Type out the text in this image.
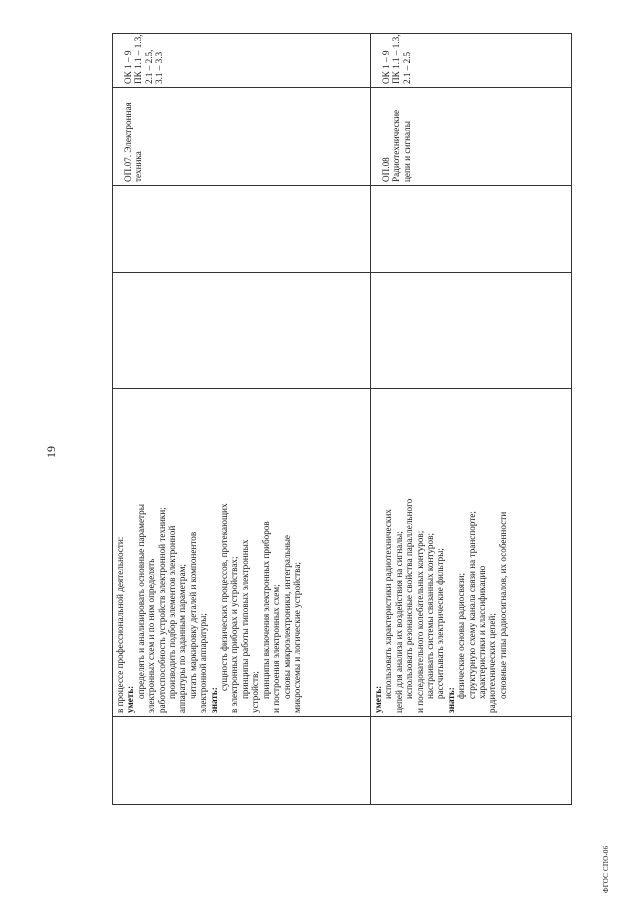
19
ФГОС СПО-06
в процессе профессиональной деятельности: уметь:
определять и анализировать основные параметры электронных схем и по ним определять работоспособность устройств электронной техники; производить подбор элементов электронной аппаратуры по заданным параметрам; читать маркировку деталей и компонентов электронной аппаратуры; знать:
сущность физических процессов, протекающих в электронных приборах и устройствах; принципы работы типовых электронных устройств; принципы включения электронных приборов и построения электронных схем; основы микроэлектроники, интегральные микросхемы и логические устройства;
ОП.07. Электронная техника
ОК 1 – 9 ПК 1.1 – 1.3, 2.1 – 2.5, 3.1 – 3.3
уметь:
использовать характеристики радиотехнических цепей для анализа их воздействия на сигналы; использовать резонансные свойства параллельного и последовательного колебательных контуров; настраивать системы связанных контуров; рассчитывать электрические фильтры;
знать:
физические основы радиосвязи; структурную схему канала связи на транспорте; характеристики и классификацию радиотехнических цепей; основные типы радиосигналов, их особенности
ОП.08 Радиотехнические цепи и сигналы
ОК 1 – 9 ПК 1.1 – 1.3, 2.1 – 2.5
